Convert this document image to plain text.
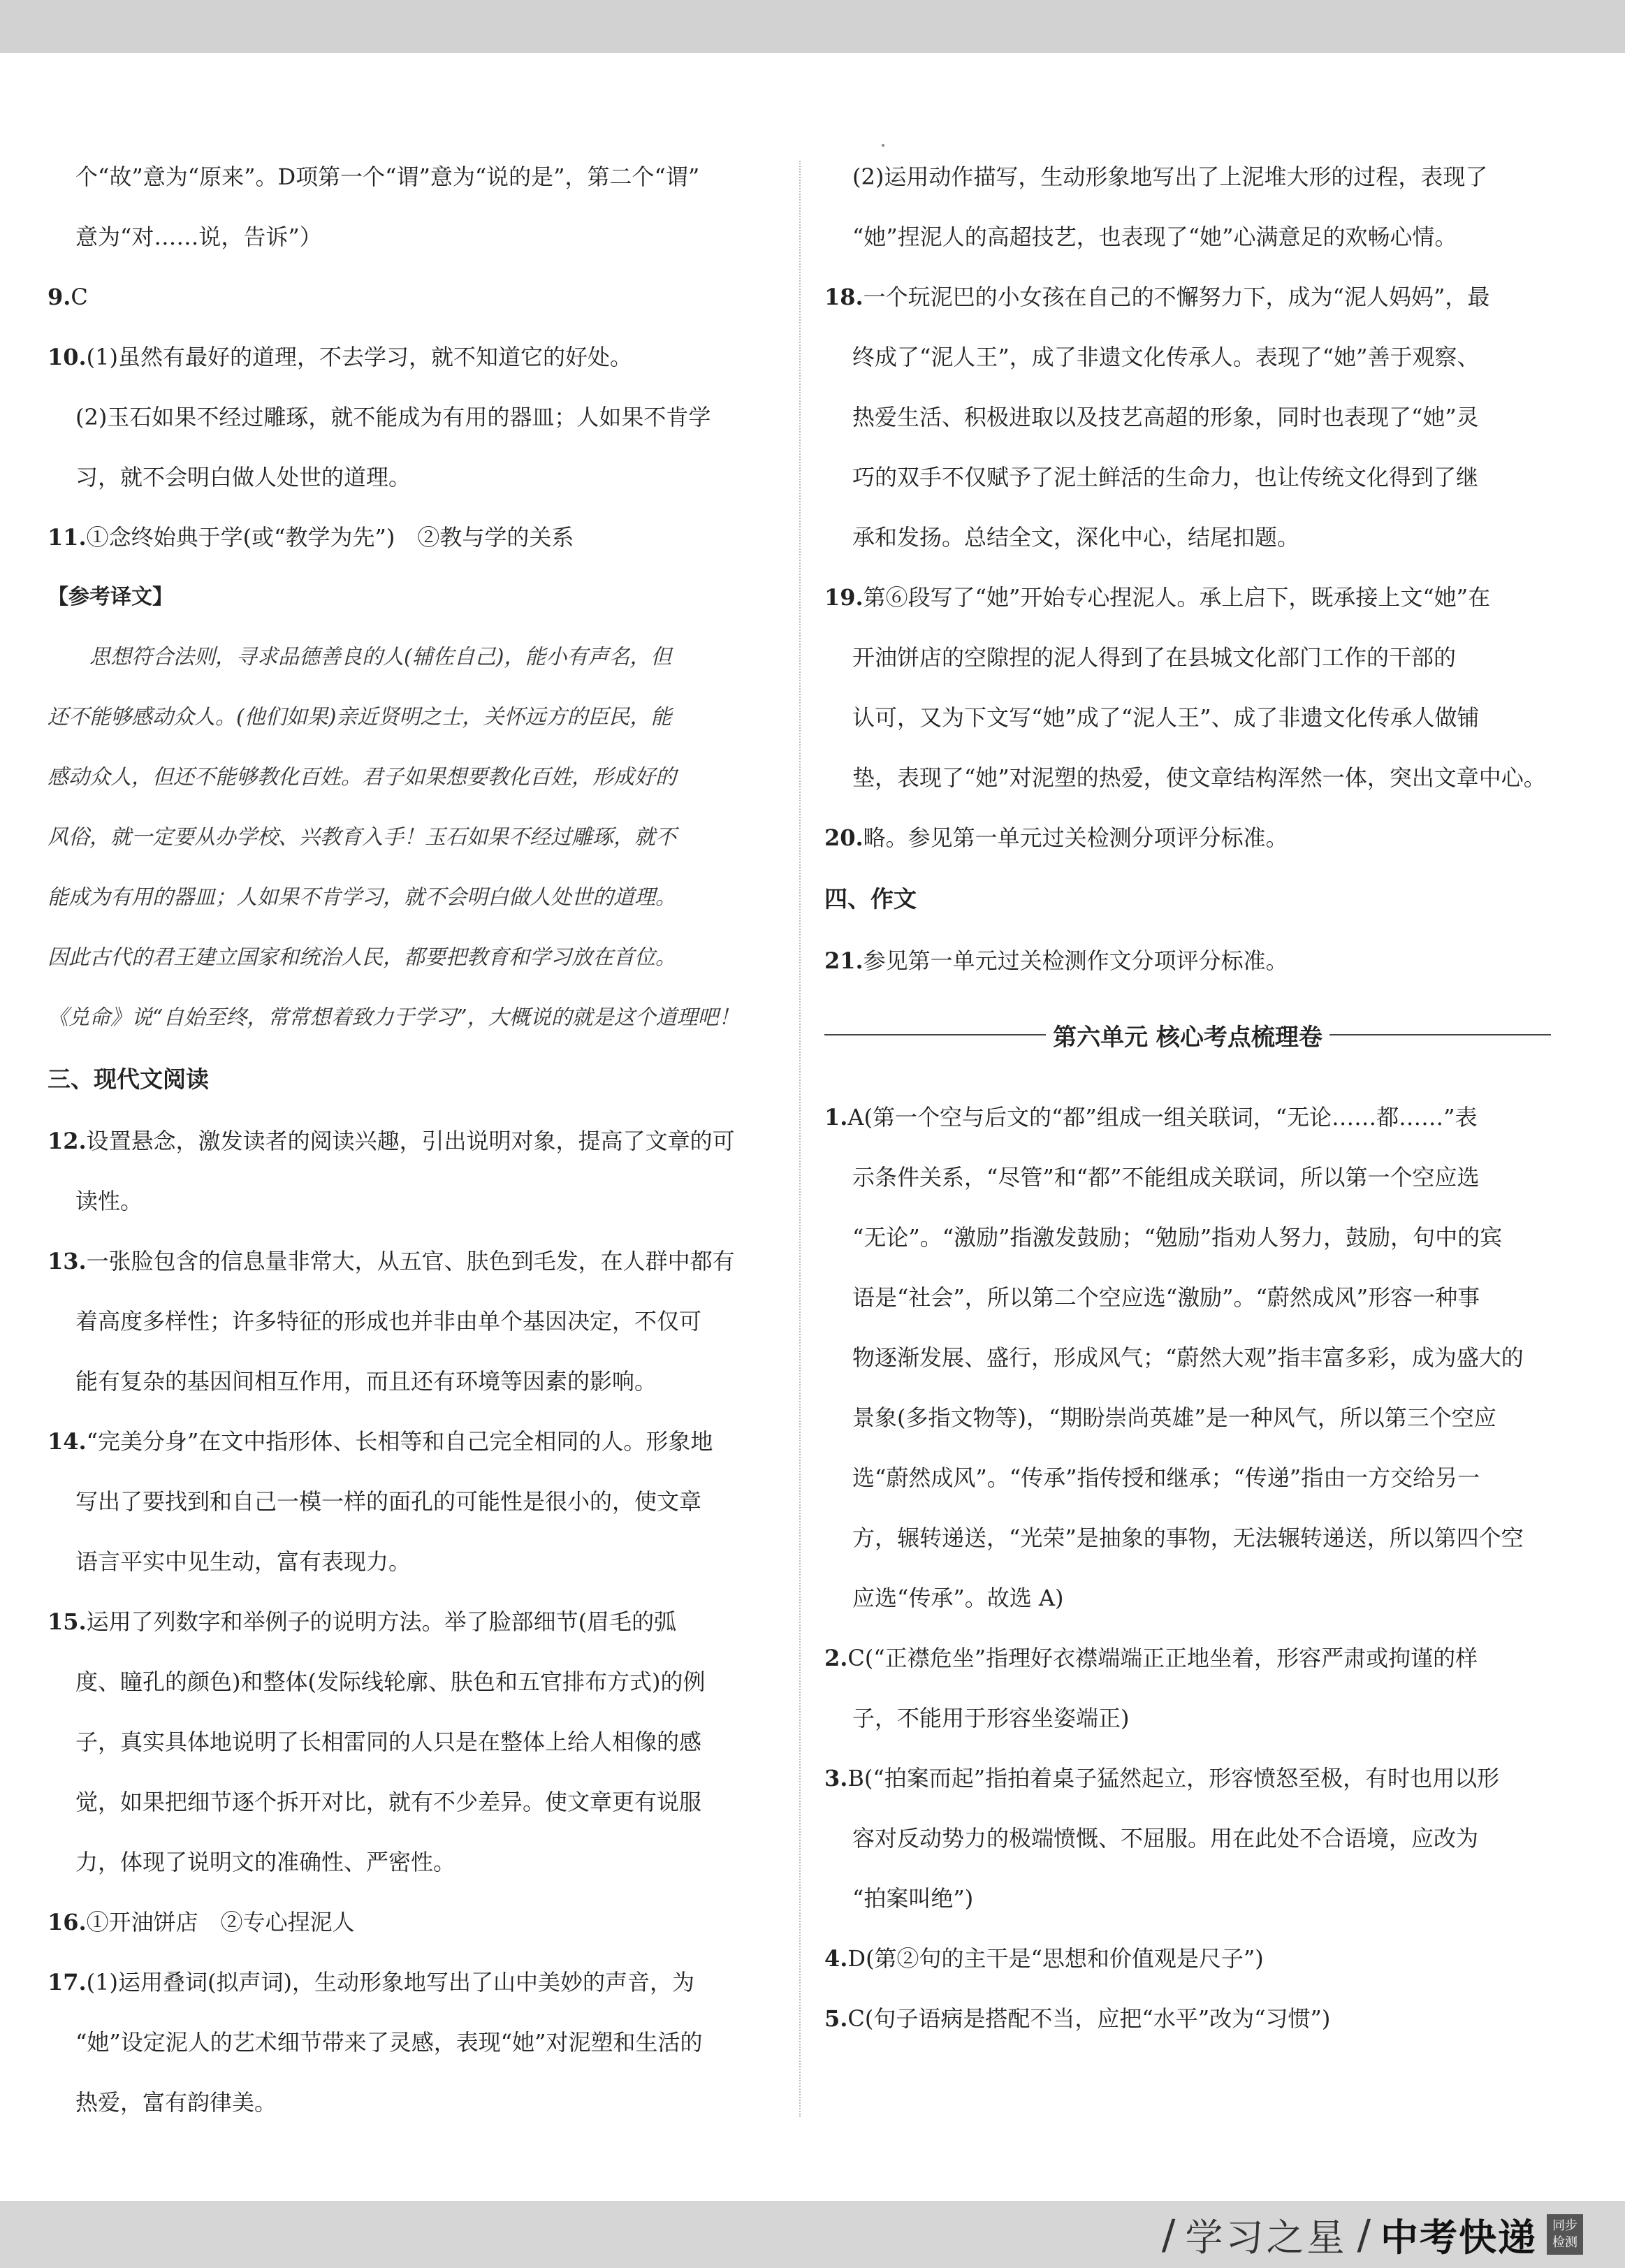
个“故”意为“原来”。D项第一个“谓”意为“说的是”，第二个“谓”

意为“对……说，告诉”）

9.C

10.(1)虽然有最好的道理，不去学习，就不知道它的好处。

(2)玉石如果不经过雕琢，就不能成为有用的器皿；人如果不肯学

习，就不会明白做人处世的道理。

11.①念终始典于学(或“教学为先”)　②教与学的关系

【参考译文】

思想符合法则，寻求品德善良的人(辅佐自己)，能小有声名，但

还不能够感动众人。(他们如果)亲近贤明之士，关怀远方的臣民，能

感动众人，但还不能够教化百姓。君子如果想要教化百姓，形成好的

风俗，就一定要从办学校、兴教育入手！玉石如果不经过雕琢，就不

能成为有用的器皿；人如果不肯学习，就不会明白做人处世的道理。

因此古代的君王建立国家和统治人民，都要把教育和学习放在首位。

《兑命》说“自始至终，常常想着致力于学习”，大概说的就是这个道理吧！

三、现代文阅读

12.设置悬念，激发读者的阅读兴趣，引出说明对象，提高了文章的可

读性。

13.一张脸包含的信息量非常大，从五官、肤色到毛发，在人群中都有

着高度多样性；许多特征的形成也并非由单个基因决定，不仅可

能有复杂的基因间相互作用，而且还有环境等因素的影响。

14.“完美分身”在文中指形体、长相等和自己完全相同的人。形象地

写出了要找到和自己一模一样的面孔的可能性是很小的，使文章

语言平实中见生动，富有表现力。

15.运用了列数字和举例子的说明方法。举了脸部细节(眉毛的弧

度、瞳孔的颜色)和整体(发际线轮廓、肤色和五官排布方式)的例

子，真实具体地说明了长相雷同的人只是在整体上给人相像的感

觉，如果把细节逐个拆开对比，就有不少差异。使文章更有说服

力，体现了说明文的准确性、严密性。

16.①开油饼店　②专心捏泥人

17.(1)运用叠词(拟声词)，生动形象地写出了山中美妙的声音，为

“她”设定泥人的艺术细节带来了灵感，表现“她”对泥塑和生活的

热爱，富有韵律美。

(2)运用动作描写，生动形象地写出了上泥堆大形的过程，表现了

“她”捏泥人的高超技艺，也表现了“她”心满意足的欢畅心情。

18.一个玩泥巴的小女孩在自己的不懈努力下，成为“泥人妈妈”，最

终成了“泥人王”，成了非遗文化传承人。表现了“她”善于观察、

热爱生活、积极进取以及技艺高超的形象，同时也表现了“她”灵

巧的双手不仅赋予了泥土鲜活的生命力，也让传统文化得到了继

承和发扬。总结全文，深化中心，结尾扣题。

19.第⑥段写了“她”开始专心捏泥人。承上启下，既承接上文“她”在

开油饼店的空隙捏的泥人得到了在县城文化部门工作的干部的

认可，又为下文写“她”成了“泥人王”、成了非遗文化传承人做铺

垫，表现了“她”对泥塑的热爱，使文章结构浑然一体，突出文章中心。

20.略。参见第一单元过关检测分项评分标准。

四、作文

21.参见第一单元过关检测作文分项评分标准。

第六单元 核心考点梳理卷

1.A(第一个空与后文的“都”组成一组关联词，“无论……都……”表

示条件关系，“尽管”和“都”不能组成关联词，所以第一个空应选

“无论”。“激励”指激发鼓励；“勉励”指劝人努力，鼓励，句中的宾

语是“社会”，所以第二个空应选“激励”。“蔚然成风”形容一种事

物逐渐发展、盛行，形成风气；“蔚然大观”指丰富多彩，成为盛大的

景象(多指文物等)，“期盼崇尚英雄”是一种风气，所以第三个空应

选“蔚然成风”。“传承”指传授和继承；“传递”指由一方交给另一

方，辗转递送，“光荣”是抽象的事物，无法辗转递送，所以第四个空

应选“传承”。故选 A)

2.C(“正襟危坐”指理好衣襟端端正正地坐着，形容严肃或拘谨的样

子，不能用于形容坐姿端正)

3.B(“拍案而起”指拍着桌子猛然起立，形容愤怒至极，有时也用以形

容对反动势力的极端愤慨、不屈服。用在此处不合语境，应改为

“拍案叫绝”)

4.D(第②句的主干是“思想和价值观是尺子”)

5.C(句子语病是搭配不当，应把“水平”改为“习惯”)

/ 学习之星 / 中考快递 同步
检测
